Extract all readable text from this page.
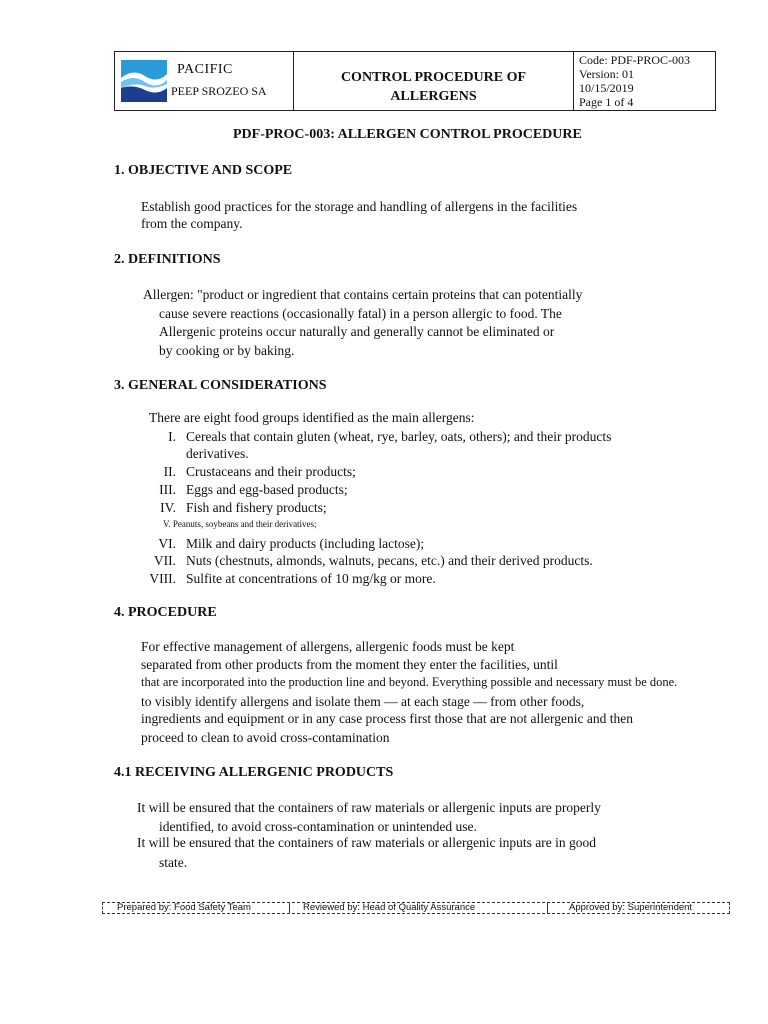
PACIFIC
PEEP SROZEO SA
CONTROL PROCEDURE OF
ALLERGENS
Code: PDF-PROC-003
Version: 01
10/15/2019
Page 1 of 4
PDF-PROC-003: ALLERGEN CONTROL PROCEDURE
1. OBJECTIVE AND SCOPE
Establish good practices for the storage and handling of allergens in the facilities
from the company.
2. DEFINITIONS
Allergen: "product or ingredient that contains certain proteins that can potentially
cause severe reactions (occasionally fatal) in a person allergic to food. The
Allergenic proteins occur naturally and generally cannot be eliminated or
by cooking or by baking.
3. GENERAL CONSIDERATIONS
There are eight food groups identified as the main allergens:
I. Cereals that contain gluten (wheat, rye, barley, oats, others); and their products
derivatives.
II. Crustaceans and their products;
III. Eggs and egg-based products;
IV. Fish and fishery products;
V. Peanuts, soybeans and their derivatives;
VI. Milk and dairy products (including lactose);
VII. Nuts (chestnuts, almonds, walnuts, pecans, etc.) and their derived products.
VIII. Sulfite at concentrations of 10 mg/kg or more.
4. PROCEDURE
For effective management of allergens, allergenic foods must be kept
separated from other products from the moment they enter the facilities, until
that are incorporated into the production line and beyond. Everything possible and necessary must be done.
to visibly identify allergens and isolate them — at each stage — from other foods,
ingredients and equipment or in any case process first those that are not allergenic and then
proceed to clean to avoid cross-contamination
4.1 RECEIVING ALLERGENIC PRODUCTS
It will be ensured that the containers of raw materials or allergenic inputs are properly
identified, to avoid cross-contamination or unintended use.
It will be ensured that the containers of raw materials or allergenic inputs are in good
state.
Prepared by: Food Safety Team	Reviewed by: Head of Quality Assurance	Approved by: Superintendent
